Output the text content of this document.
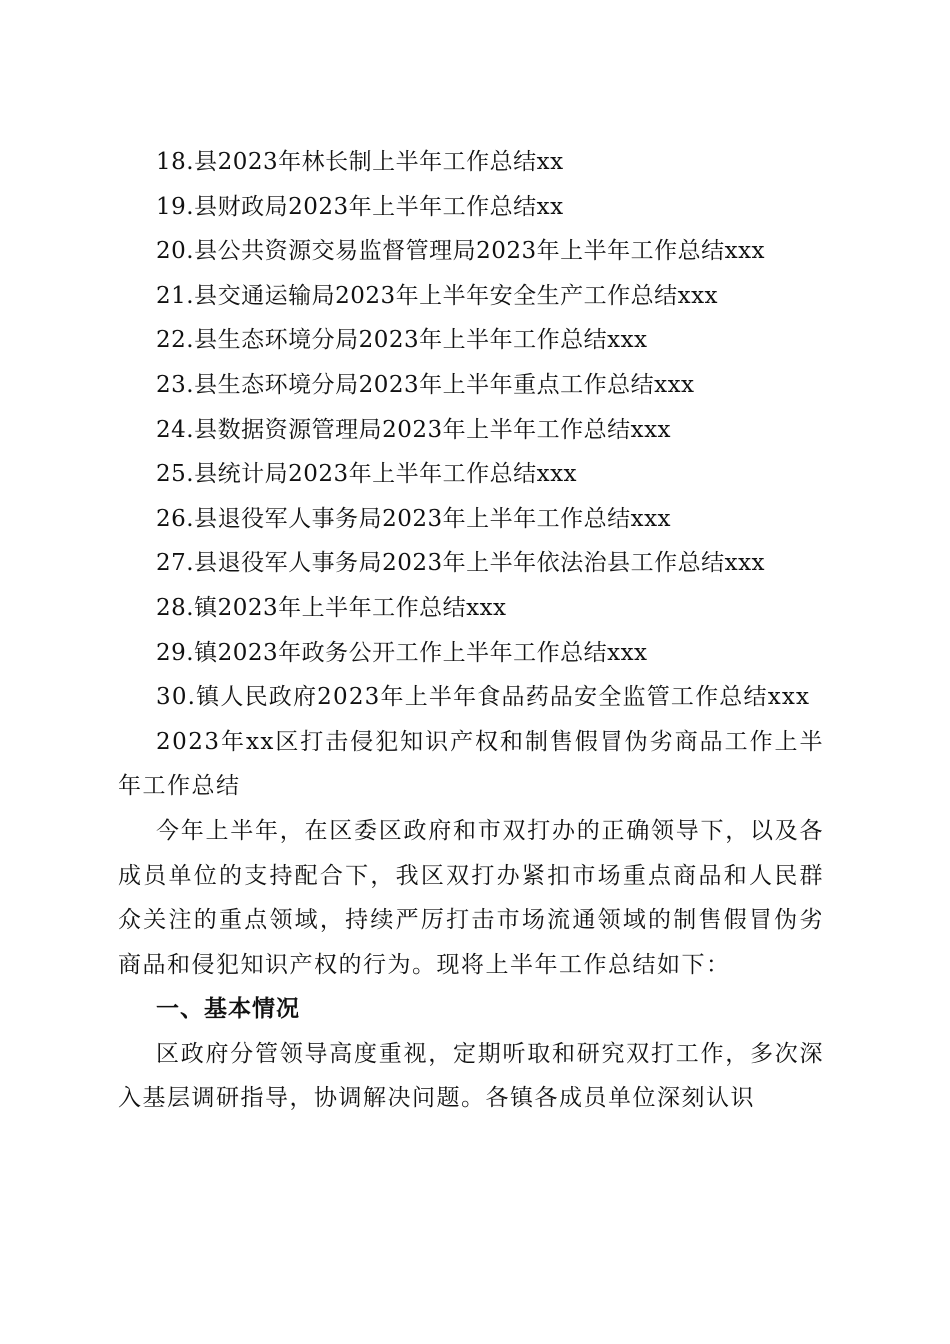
18.县2023年林长制上半年工作总结xx
19.县财政局2023年上半年工作总结xx
20.县公共资源交易监督管理局2023年上半年工作总结xxx
21.县交通运输局2023年上半年安全生产工作总结xxx
22.县生态环境分局2023年上半年工作总结xxx
23.县生态环境分局2023年上半年重点工作总结xxx
24.县数据资源管理局2023年上半年工作总结xxx
25.县统计局2023年上半年工作总结xxx
26.县退役军人事务局2023年上半年工作总结xxx
27.县退役军人事务局2023年上半年依法治县工作总结xxx
28.镇2023年上半年工作总结xxx
29.镇2023年政务公开工作上半年工作总结xxx
30.镇人民政府2023年上半年食品药品安全监管工作总结xxx
2023年xx区打击侵犯知识产权和制售假冒伪劣商品工作上半年工作总结
今年上半年，在区委区政府和市双打办的正确领导下，以及各成员单位的支持配合下，我区双打办紧扣市场重点商品和人民群众关注的重点领域，持续严厉打击市场流通领域的制售假冒伪劣商品和侵犯知识产权的行为。现将上半年工作总结如下：
一、基本情况
区政府分管领导高度重视，定期听取和研究双打工作，多次深入基层调研指导，协调解决问题。各镇各成员单位深刻认识
